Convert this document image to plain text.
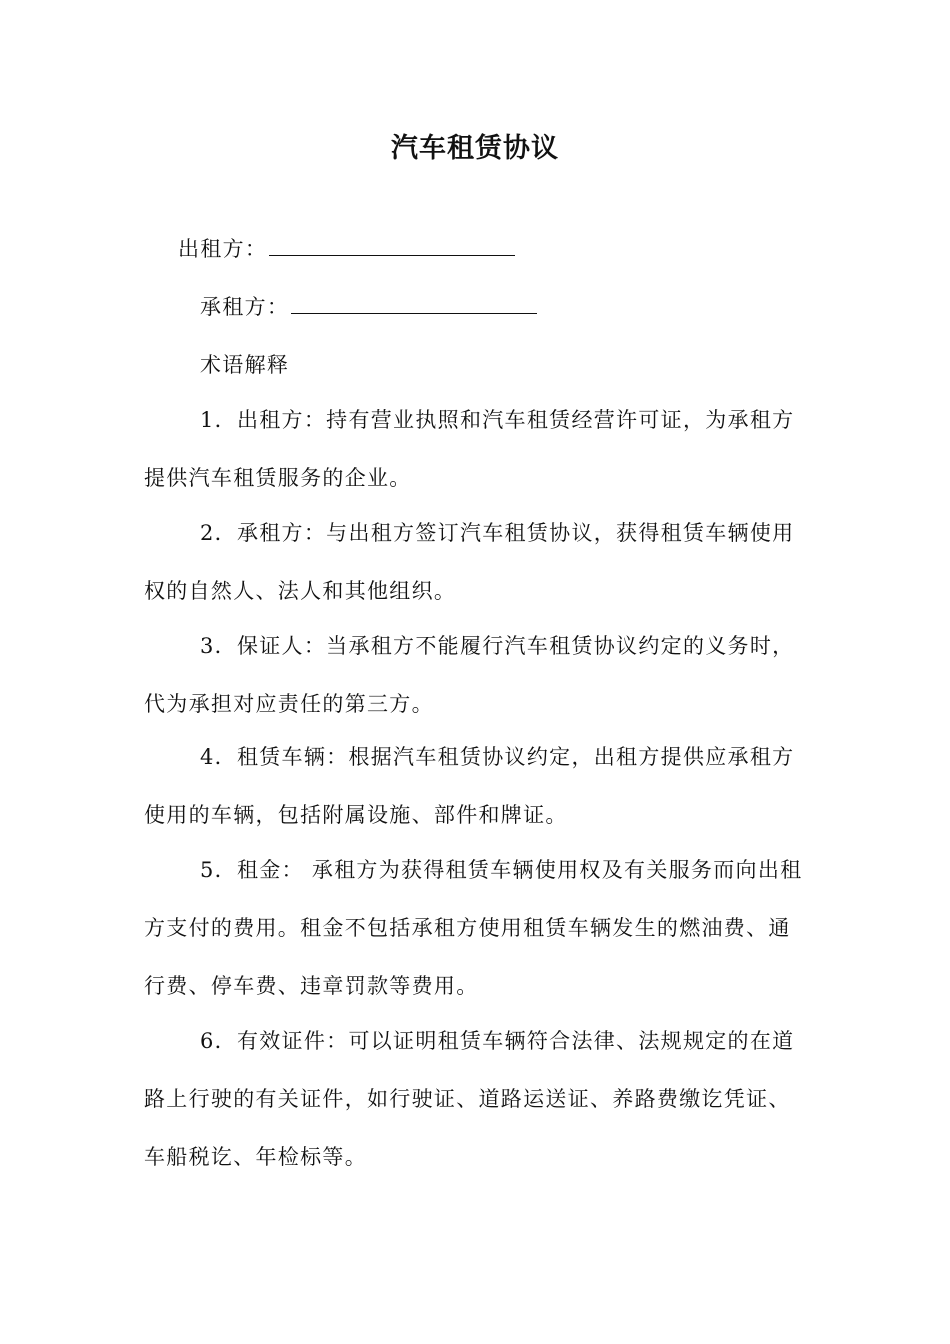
汽车租赁协议
出租方：
承租方：
术语解释
1．出租方：持有营业执照和汽车租赁经营许可证，为承租方
提供汽车租赁服务的企业。
2．承租方：与出租方签订汽车租赁协议，获得租赁车辆使用
权的自然人、法人和其他组织。
3．保证人：当承租方不能履行汽车租赁协议约定的义务时，
代为承担对应责任的第三方。
4．租赁车辆：根据汽车租赁协议约定，出租方提供应承租方
使用的车辆，包括附属设施、部件和牌证。
5．租金： 承租方为获得租赁车辆使用权及有关服务而向出租
方支付的费用。租金不包括承租方使用租赁车辆发生的燃油费、通
行费、停车费、违章罚款等费用。
6．有效证件：可以证明租赁车辆符合法律、法规规定的在道
路上行驶的有关证件，如行驶证、道路运送证、养路费缴讫凭证、
车船税讫、年检标等。
